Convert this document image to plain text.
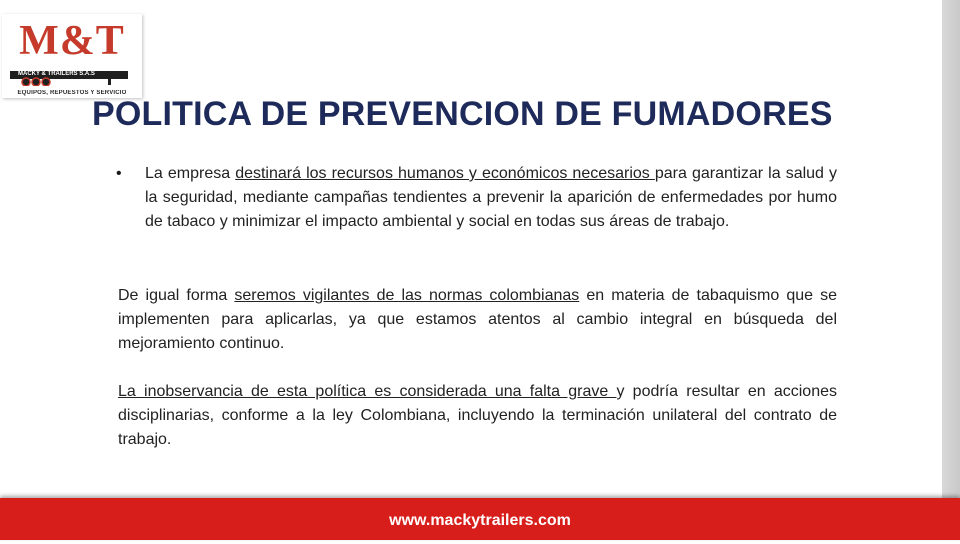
M&T
MACKY & TRAILERS S.A.S
EQUIPOS, REPUESTOS Y SERVICIO
POLITICA DE PREVENCION DE FUMADORES
• La empresa destinará los recursos humanos y económicos necesarios para garantizar la salud y la seguridad, mediante campañas tendientes a prevenir la aparición de enfermedades por humo de tabaco y minimizar el impacto ambiental y social en todas sus áreas de trabajo.

De igual forma seremos vigilantes de las normas colombianas en materia de tabaquismo que se implementen para aplicarlas, ya que estamos atentos al cambio integral en búsqueda del mejoramiento continuo.

La inobservancia de esta política es considerada una falta grave y podría resultar en acciones disciplinarias, conforme a la ley Colombiana, incluyendo la terminación unilateral del contrato de trabajo.

www.mackytrailers.com
